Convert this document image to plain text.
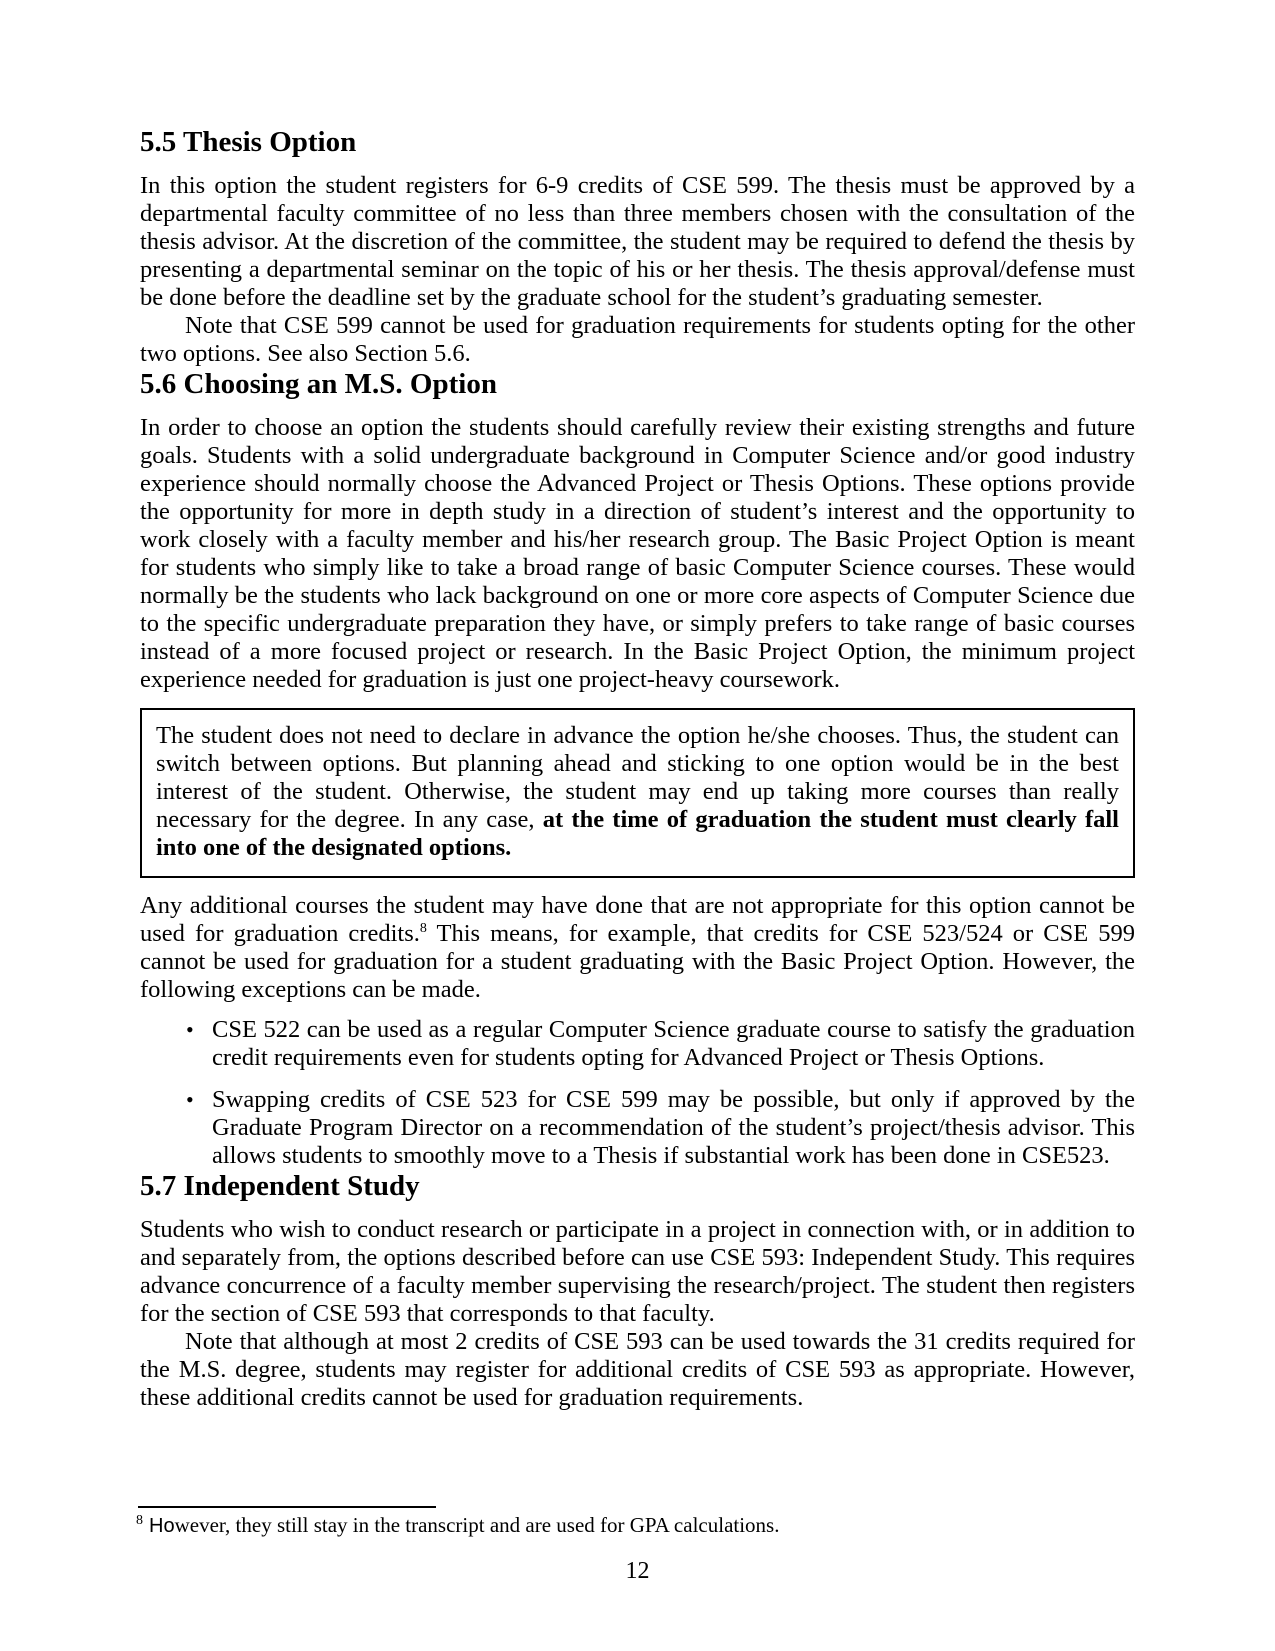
5.5 Thesis Option

In this option the student registers for 6-9 credits of CSE 599. The thesis must be approved by a departmental faculty committee of no less than three members chosen with the consultation of the thesis advisor. At the discretion of the committee, the student may be required to defend the thesis by presenting a departmental seminar on the topic of his or her thesis. The thesis approval/defense must be done before the deadline set by the graduate school for the student’s graduating semester.

Note that CSE 599 cannot be used for graduation requirements for students opting for the other two options. See also Section 5.6.

5.6 Choosing an M.S. Option

In order to choose an option the students should carefully review their existing strengths and future goals. Students with a solid undergraduate background in Computer Science and/or good industry experience should normally choose the Advanced Project or Thesis Options. These options provide the opportunity for more in depth study in a direction of student’s interest and the opportunity to work closely with a faculty member and his/her research group. The Basic Project Option is meant for students who simply like to take a broad range of basic Computer Science courses. These would normally be the students who lack background on one or more core aspects of Computer Science due to the specific undergraduate preparation they have, or simply prefers to take range of basic courses instead of a more focused project or research. In the Basic Project Option, the minimum project experience needed for graduation is just one project-heavy coursework.

The student does not need to declare in advance the option he/she chooses. Thus, the student can switch between options. But planning ahead and sticking to one option would be in the best interest of the student. Otherwise, the student may end up taking more courses than really necessary for the degree. In any case, at the time of graduation the student must clearly fall into one of the designated options.

Any additional courses the student may have done that are not appropriate for this option cannot be used for graduation credits.$^8$ This means, for example, that credits for CSE 523/524 or CSE 599 cannot be used for graduation for a student graduating with the Basic Project Option. However, the following exceptions can be made.

• CSE 522 can be used as a regular Computer Science graduate course to satisfy the graduation credit requirements even for students opting for Advanced Project or Thesis Options.
• Swapping credits of CSE 523 for CSE 599 may be possible, but only if approved by the Graduate Program Director on a recommendation of the student’s project/thesis advisor. This allows students to smoothly move to a Thesis if substantial work has been done in CSE523.
5.7 Independent Study

Students who wish to conduct research or participate in a project in connection with, or in addition to and separately from, the options described before can use CSE 593: Independent Study. This requires advance concurrence of a faculty member supervising the research/project. The student then registers for the section of CSE 593 that corresponds to that faculty.

Note that although at most 2 credits of CSE 593 can be used towards the 31 credits required for the M.S. degree, students may register for additional credits of CSE 593 as appropriate. However, these additional credits cannot be used for graduation requirements.

$^8$ However, they still stay in the transcript and are used for GPA calculations.
12
